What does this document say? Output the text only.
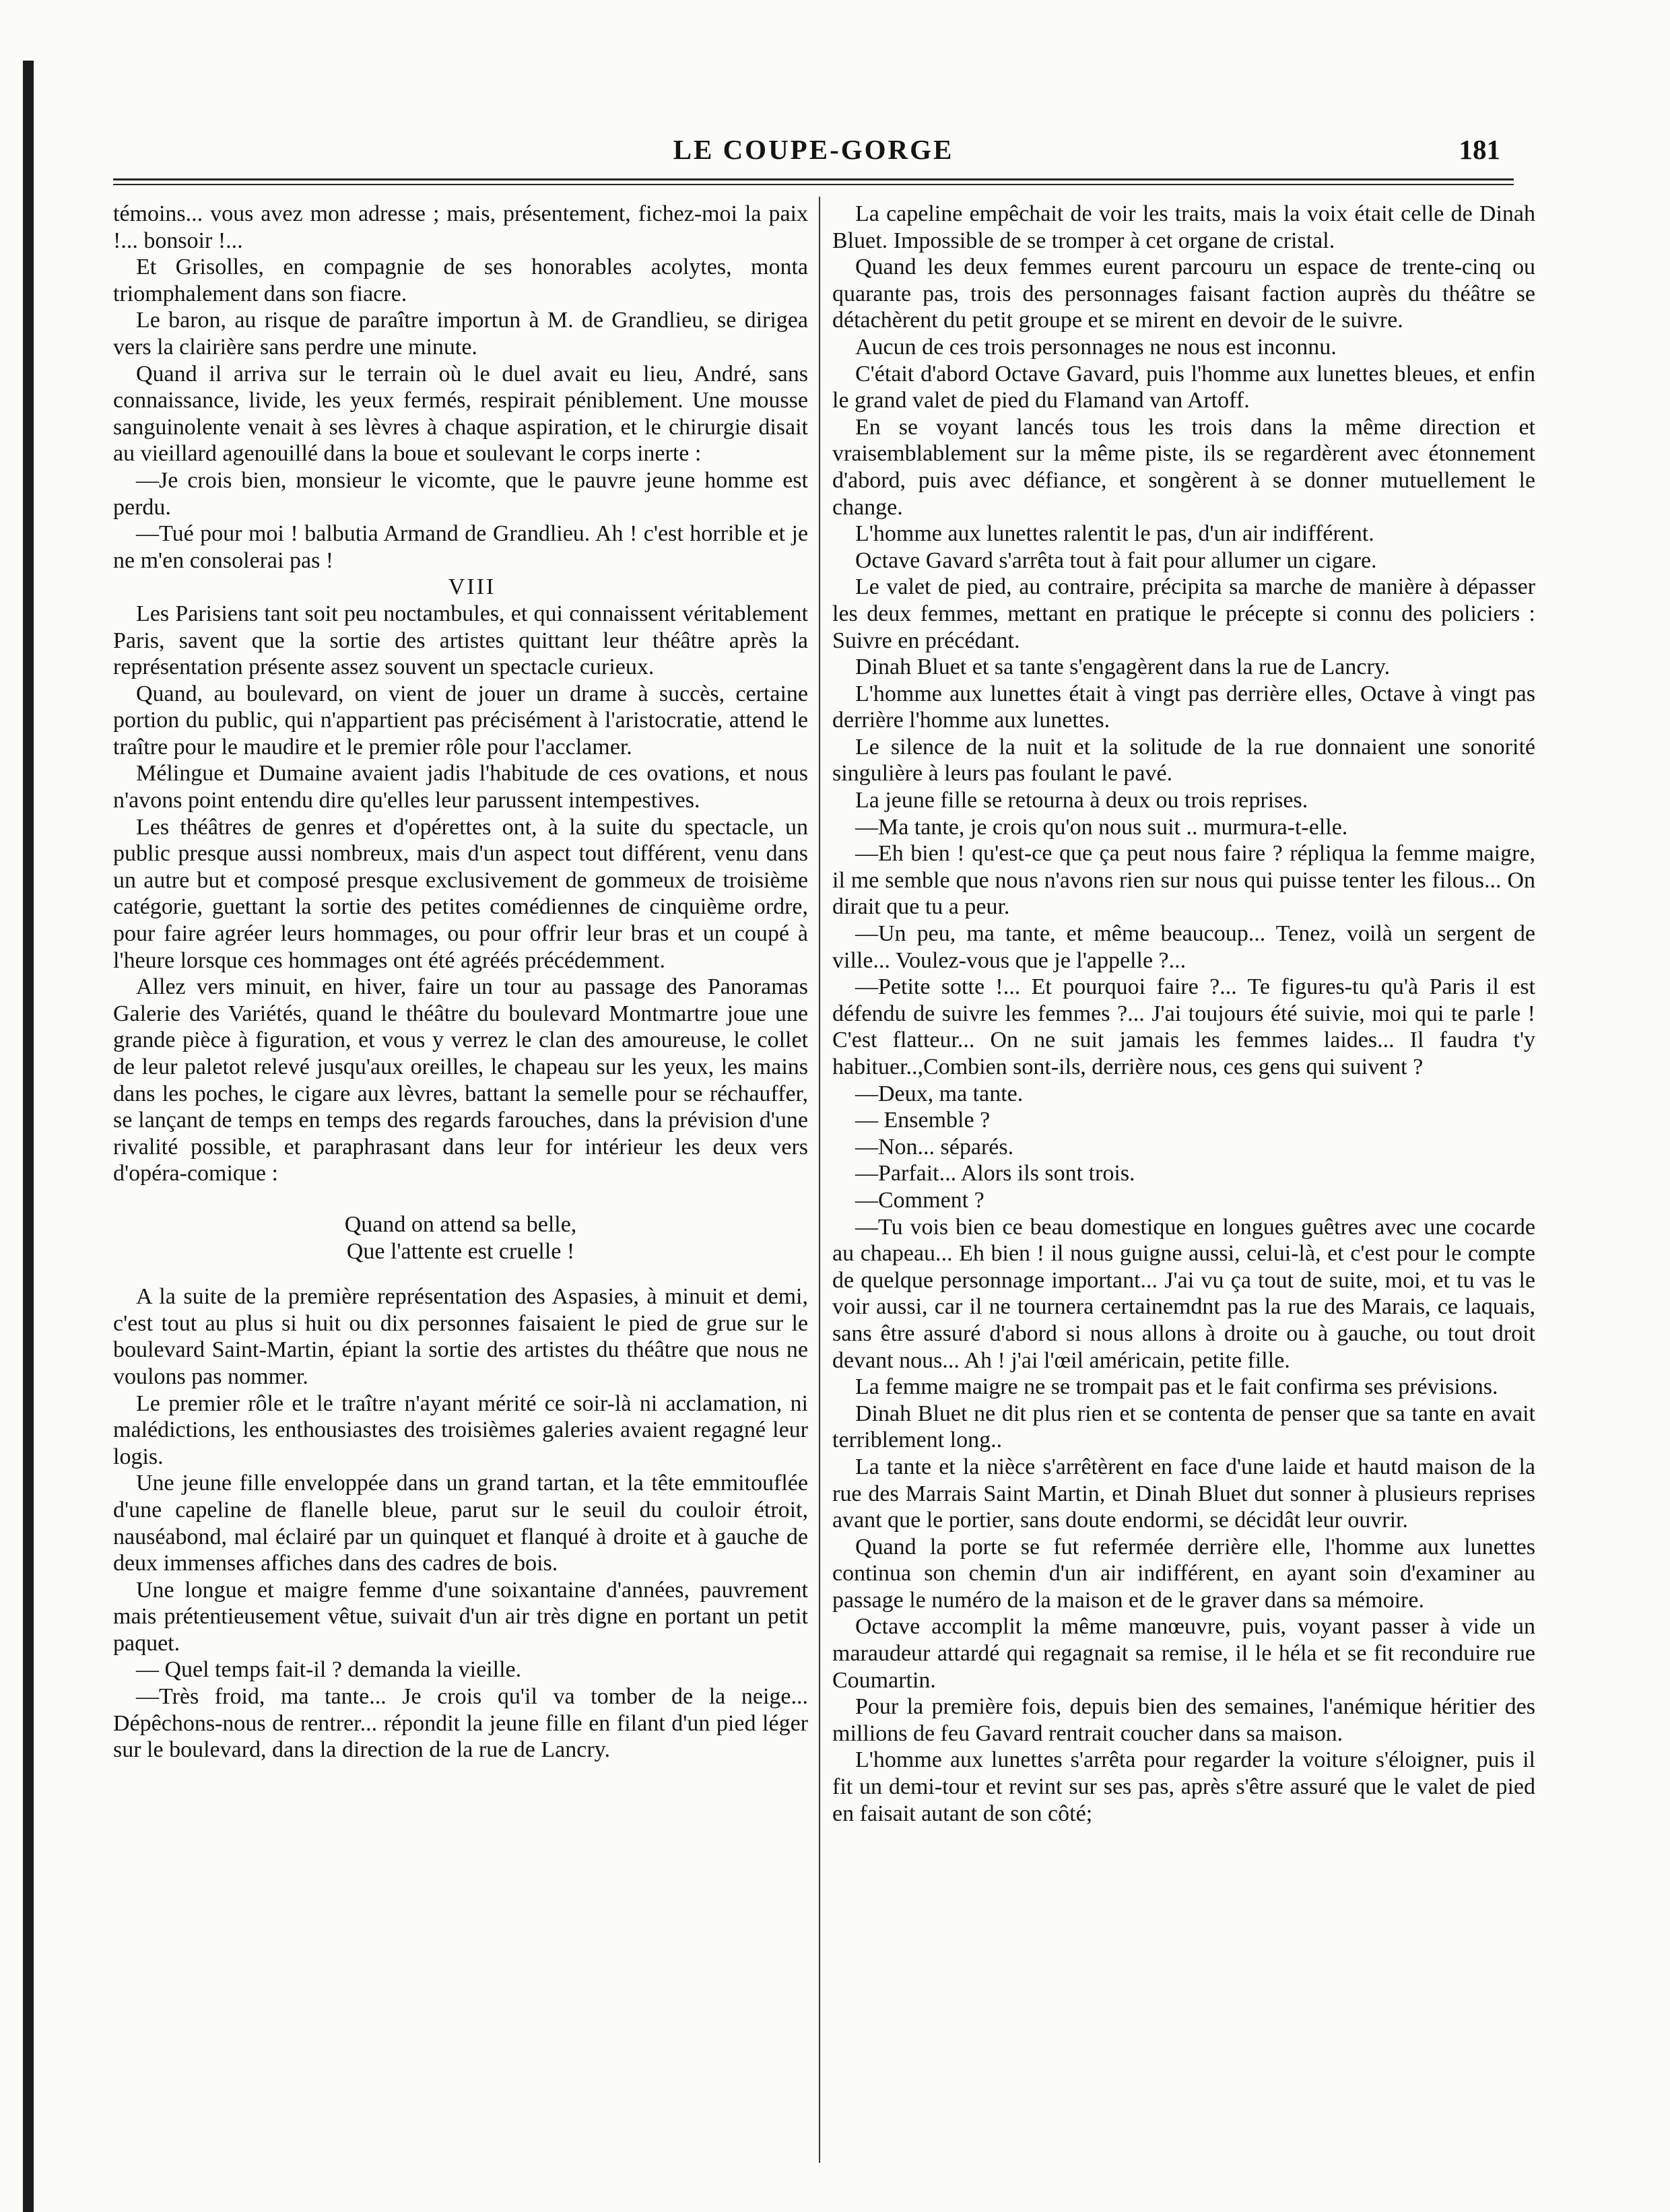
LE COUPE-GORGE	181

témoins... vous avez mon adresse ; mais, présentement, fichez-moi la paix !... bonsoir !...

Et Grisolles, en compagnie de ses honorables acolytes, monta triomphalement dans son fiacre.

Le baron, au risque de paraître importun à M. de Grandlieu, se dirigea vers la clairière sans perdre une minute.

Quand il arriva sur le terrain où le duel avait eu lieu, André, sans connaissance, livide, les yeux fermés, respirait péniblement. Une mousse sanguinolente venait à ses lèvres à chaque aspiration, et le chirurgie disait au vieillard agenouillé dans la boue et soulevant le corps inerte :

—Je crois bien, monsieur le vicomte, que le pauvre jeune homme est perdu.

—Tué pour moi ! balbutia Armand de Grandlieu. Ah ! c'est horrible et je ne m'en consolerai pas !

VIII

Les Parisiens tant soit peu noctambules, et qui connaissent véritablement Paris, savent que la sortie des artistes quittant leur théâtre après la représentation présente assez souvent un spectacle curieux.

Quand, au boulevard, on vient de jouer un drame à succès, certaine portion du public, qui n'appartient pas précisément à l'aristocratie, attend le traître pour le maudire et le premier rôle pour l'acclamer.

Mélingue et Dumaine avaient jadis l'habitude de ces ovations, et nous n'avons point entendu dire qu'elles leur parussent intempestives.

Les théâtres de genres et d'opérettes ont, à la suite du spectacle, un public presque aussi nombreux, mais d'un aspect tout différent, venu dans un autre but et composé presque exclusivement de gommeux de troisième catégorie, guettant la sortie des petites comédiennes de cinquième ordre, pour faire agréer leurs hommages, ou pour offrir leur bras et un coupé à l'heure lorsque ces hommages ont été agréés précédemment.

Allez vers minuit, en hiver, faire un tour au passage des Panoramas Galerie des Variétés, quand le théâtre du boulevard Montmartre joue une grande pièce à figuration, et vous y verrez le clan des amoureuse, le collet de leur paletot relevé jusqu'aux oreilles, le chapeau sur les yeux, les mains dans les poches, le cigare aux lèvres, battant la semelle pour se réchauffer, se lançant de temps en temps des regards farouches, dans la prévision d'une rivalité possible, et paraphrasant dans leur for intérieur les deux vers d'opéra-comique :

Quand on attend sa belle,
Que l'attente est cruelle !

A la suite de la première représentation des Aspasies, à minuit et demi, c'est tout au plus si huit ou dix personnes faisaient le pied de grue sur le boulevard Saint-Martin, épiant la sortie des artistes du théâtre que nous ne voulons pas nommer.

Le premier rôle et le traître n'ayant mérité ce soir-là ni acclamation, ni malédictions, les enthousiastes des troisièmes galeries avaient regagné leur logis.

Une jeune fille enveloppée dans un grand tartan, et la tête emmitouflée d'une capeline de flanelle bleue, parut sur le seuil du couloir étroit, nauséabond, mal éclairé par un quinquet et flanqué à droite et à gauche de deux immenses affiches dans des cadres de bois.

Une longue et maigre femme d'une soixantaine d'années, pauvrement mais prétentieusement vêtue, suivait d'un air très digne en portant un petit paquet.

— Quel temps fait-il ? demanda la vieille.

—Très froid, ma tante... Je crois qu'il va tomber de la neige... Dépêchons-nous de rentrer... répondit la jeune fille en filant d'un pied léger sur le boulevard, dans la direction de la rue de Lancry.

La capeline empêchait de voir les traits, mais la voix était celle de Dinah Bluet. Impossible de se tromper à cet organe de cristal.

Quand les deux femmes eurent parcouru un espace de trente-cinq ou quarante pas, trois des personnages faisant faction auprès du théâtre se détachèrent du petit groupe et se mirent en devoir de le suivre.

Aucun de ces trois personnages ne nous est inconnu.

C'était d'abord Octave Gavard, puis l'homme aux lunettes bleues, et enfin le grand valet de pied du Flamand van Artoff.

En se voyant lancés tous les trois dans la même direction et vraisemblablement sur la même piste, ils se regardèrent avec étonnement d'abord, puis avec défiance, et songèrent à se donner mutuellement le change.

L'homme aux lunettes ralentit le pas, d'un air indifférent.

Octave Gavard s'arrêta tout à fait pour allumer un cigare.

Le valet de pied, au contraire, précipita sa marche de manière à dépasser les deux femmes, mettant en pratique le précepte si connu des policiers : Suivre en précédant.

Dinah Bluet et sa tante s'engagèrent dans la rue de Lancry.

L'homme aux lunettes était à vingt pas derrière elles, Octave à vingt pas derrière l'homme aux lunettes.

Le silence de la nuit et la solitude de la rue donnaient une sonorité singulière à leurs pas foulant le pavé.

La jeune fille se retourna à deux ou trois reprises.

—Ma tante, je crois qu'on nous suit .. murmura-t-elle.

—Eh bien ! qu'est-ce que ça peut nous faire ? répliqua la femme maigre, il me semble que nous n'avons rien sur nous qui puisse tenter les filous... On dirait que tu a peur.

—Un peu, ma tante, et même beaucoup... Tenez, voilà un sergent de ville... Voulez-vous que je l'appelle ?...

—Petite sotte !... Et pourquoi faire ?... Te figures-tu qu'à Paris il est défendu de suivre les femmes ?... J'ai toujours été suivie, moi qui te parle ! C'est flatteur... On ne suit jamais les femmes laides... Il faudra t'y habituer..,Combien sont-ils, derrière nous, ces gens qui suivent ?

—Deux, ma tante.

— Ensemble ?

—Non... séparés.

—Parfait... Alors ils sont trois.

—Comment ?

—Tu vois bien ce beau domestique en longues guêtres avec une cocarde au chapeau... Eh bien ! il nous guigne aussi, celui-là, et c'est pour le compte de quelque personnage important... J'ai vu ça tout de suite, moi, et tu vas le voir aussi, car il ne tournera certainemdnt pas la rue des Marais, ce laquais, sans être assuré d'abord si nous allons à droite ou à gauche, ou tout droit devant nous... Ah ! j'ai l'œil américain, petite fille.

La femme maigre ne se trompait pas et le fait confirma ses prévisions.

Dinah Bluet ne dit plus rien et se contenta de penser que sa tante en avait terriblement long..

La tante et la nièce s'arrêtèrent en face d'une laide et hautd maison de la rue des Marrais Saint Martin, et Dinah Bluet dut sonner à plusieurs reprises avant que le portier, sans doute endormi, se décidât leur ouvrir.

Quand la porte se fut refermée derrière elle, l'homme aux lunettes continua son chemin d'un air indifférent, en ayant soin d'examiner au passage le numéro de la maison et de le graver dans sa mémoire.

Octave accomplit la même manœuvre, puis, voyant passer à vide un maraudeur attardé qui regagnait sa remise, il le héla et se fit reconduire rue Coumartin.

Pour la première fois, depuis bien des semaines, l'anémique héritier des millions de feu Gavard rentrait coucher dans sa maison.

L'homme aux lunettes s'arrêta pour regarder la voiture s'éloigner, puis il fit un demi-tour et revint sur ses pas, après s'être assuré que le valet de pied en faisait autant de son côté;
